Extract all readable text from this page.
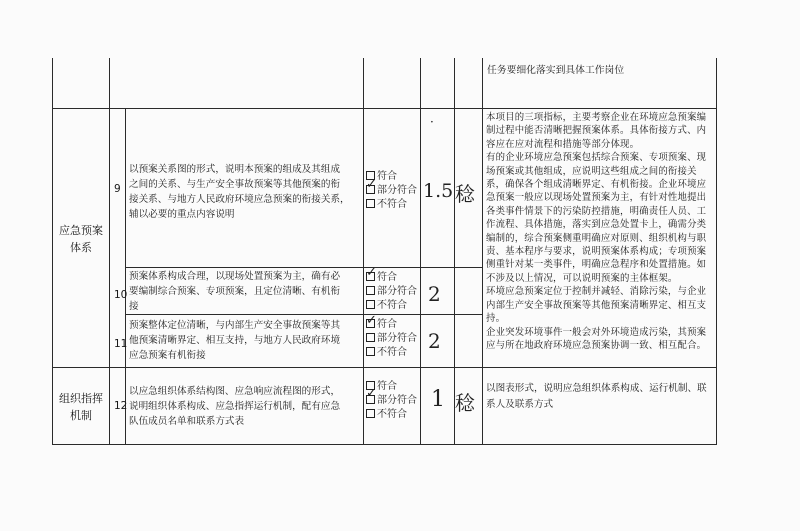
任务要细化落实到具体工作岗位
应急预案
体系
组织指挥
机制
9
以预案关系图的形式，说明本预案的组成及其组成
之间的关系、与生产安全事故预案等其他预案的衔
接关系、与地方人民政府环境应急预案的衔接关系，
辅以必要的重点内容说明
符合
部分符合
不符合
✓ 1.5 稔
·
10
预案体系构成合理，以现场处置预案为主，确有必
要编制综合预案、专项预案，且定位清晰、有机衔
接
符合
部分符合
不符合
✓
2
11
预案整体定位清晰，与内部生产安全事故预案等其
他预案清晰界定、相互支持，与地方人民政府环境
应急预案有机衔接
符合
部分符合
不符合
✓
2
12
以应急组织体系结构图、应急响应流程图的形式，
说明组织体系构成、应急指挥运行机制，配有应急
队伍成员名单和联系方式表
符合
部分符合
不符合
✓ 1 稔
以图表形式，说明应急组织体系构成、运行机制、联
系人及联系方式

本项目的三项指标，主要考察企业在环境应急预案编制过程中能否清晰把握预案体系。具体衔接方式、内容应在应对流程和措施等部分体现。

有的企业环境应急预案包括综合预案、专项预案、现场预案或其他组成，应说明这些组成之间的衔接关系，确保各个组成清晰界定、有机衔接。企业环境应急预案一般应以现场处置预案为主，有针对性地提出各类事件情景下的污染防控措施，明确责任人员、工作流程、具体措施，落实到应急处置卡上，确需分类编制的，综合预案侧重明确应对原则、组织机构与职责、基本程序与要求，说明预案体系构成；专项预案侧重针对某一类事件，明确应急程序和处置措施。如不涉及以上情况，可以说明预案的主体框架。

环境应急预案定位于控制并减轻、消除污染，与企业内部生产安全事故预案等其他预案清晰界定、相互支持。

企业突发环境事件一般会对外环境造成污染，其预案应与所在地政府环境应急预案协调一致、相互配合。
